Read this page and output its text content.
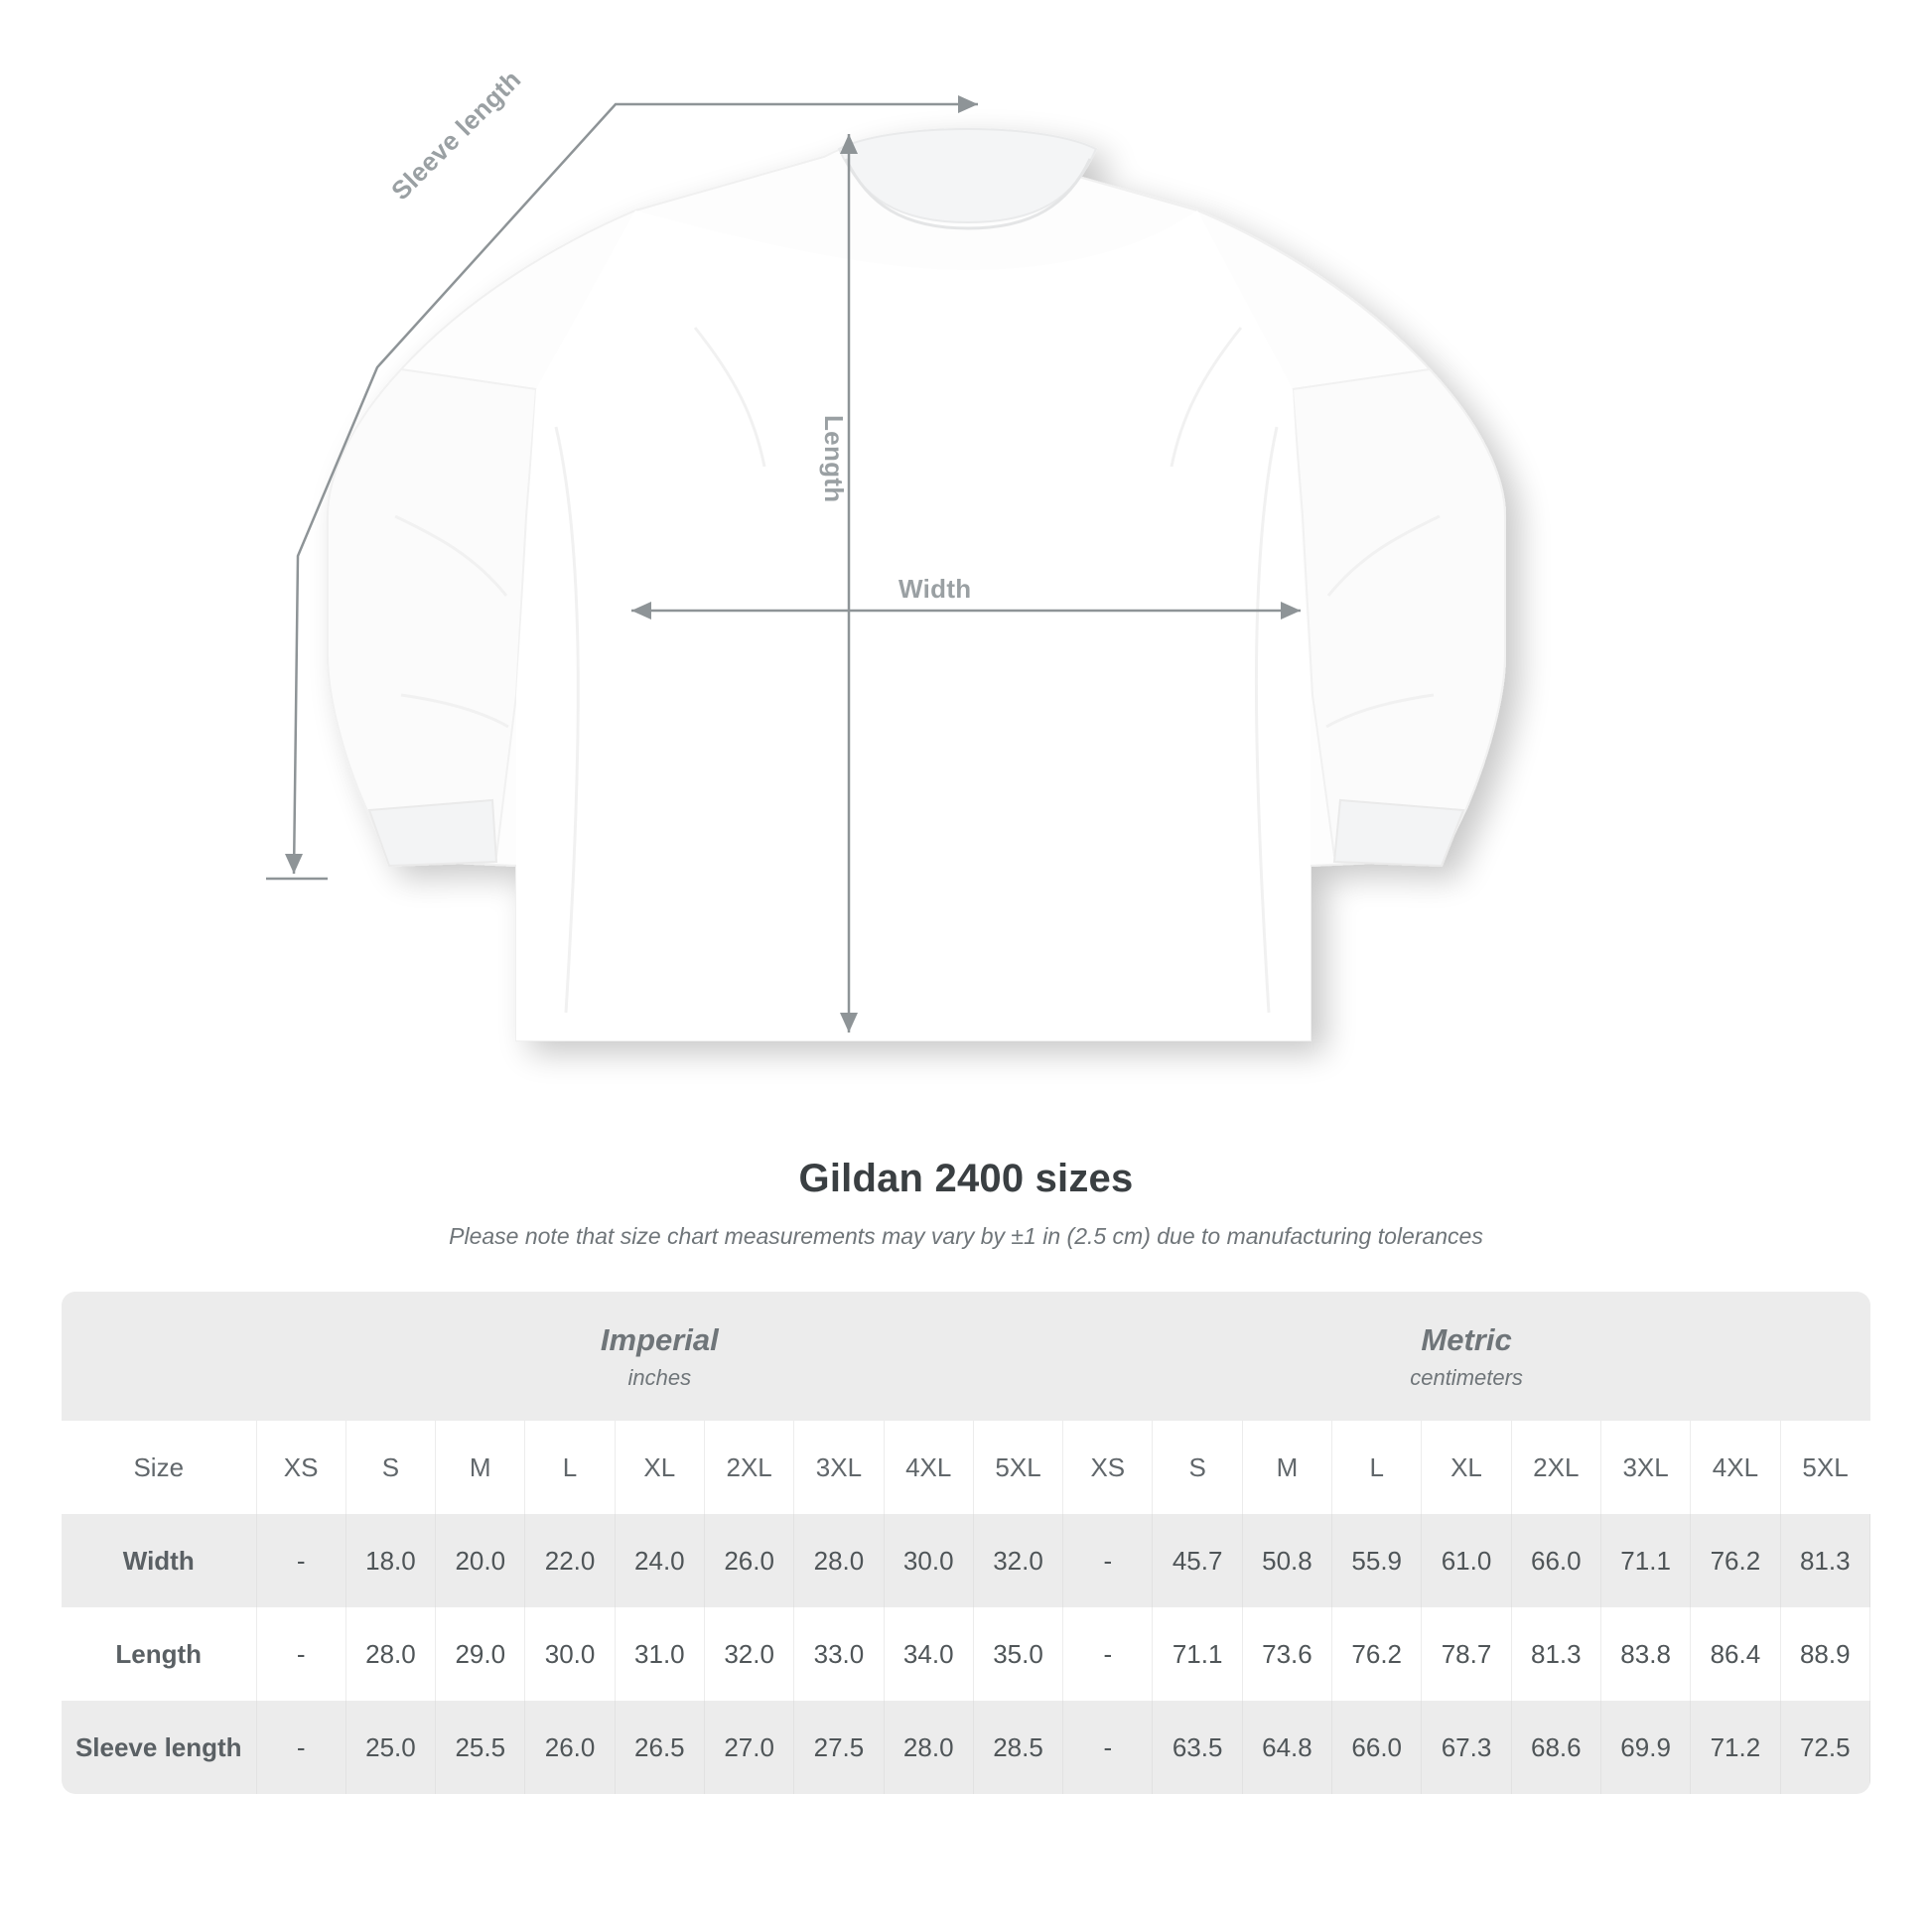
Width
Length
Sleeve length
Gildan 2400 sizes
Please note that size chart measurements may vary by ±1 in (2.5 cm) due to manufacturing tolerances

Imperial
inches

Metric
centimeters

Size	XS	S	M	L	XL	2XL	3XL	4XL	5XL	XS	S	M	L	XL	2XL	3XL	4XL	5XL
Width	-	18.0	20.0	22.0	24.0	26.0	28.0	30.0	32.0	-	45.7	50.8	55.9	61.0	66.0	71.1	76.2	81.3
Length	-	28.0	29.0	30.0	31.0	32.0	33.0	34.0	35.0	-	71.1	73.6	76.2	78.7	81.3	83.8	86.4	88.9
Sleeve length	-	25.0	25.5	26.0	26.5	27.0	27.5	28.0	28.5	-	63.5	64.8	66.0	67.3	68.6	69.9	71.2	72.5
